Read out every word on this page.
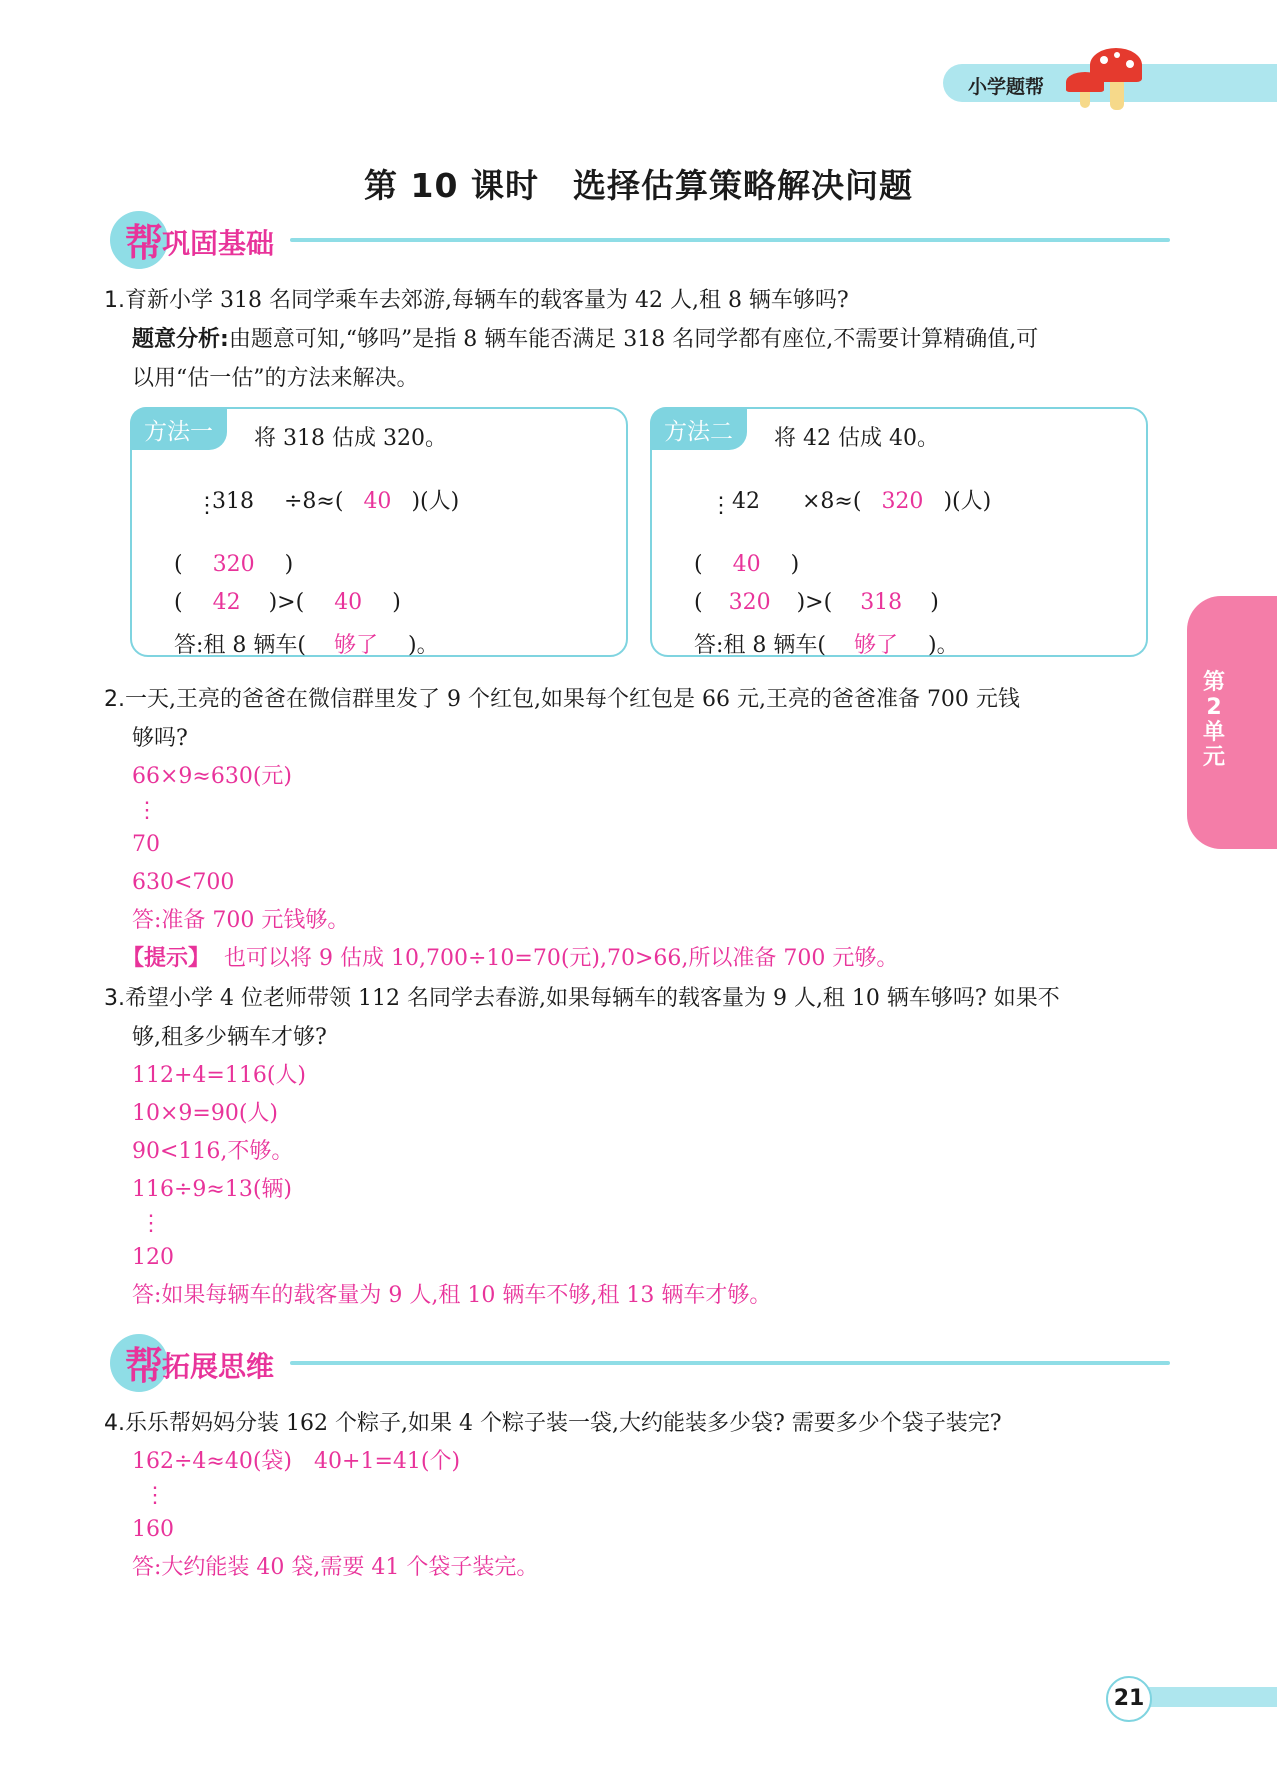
小学题帮
第 10 课时　选择估算策略解决问题
帮
巩固基础
1.育新小学 318 名同学乘车去郊游,每辆车的载客量为 42 人,租 8 辆车够吗?
题意分析:由题意可知,“够吗”是指 8 辆车能否满足 318 名同学都有座位,不需要计算精确值,可
以用“估一估”的方法来解决。
方法一	将 318 估成 320。

318 ÷8≈( 40 )(人)

⋮

( 320 )

( 42 )>( 40 )

答:租 8 辆车( 够了 )。

方法二	将 42 估成 40。

42 ×8≈( 320 )(人)

⋮

( 40 )

( 320 )>( 318 )

答:租 8 辆车( 够了 )。

2.一天,王亮的爸爸在微信群里发了 9 个红包,如果每个红包是 66 元,王亮的爸爸准备 700 元钱
够吗?
66×9≈630(元)
⋮
70
630<700
答:准备 700 元钱够。
【提示】 也可以将 9 估成 10,700÷10=70(元),70>66,所以准备 700 元够。
3.希望小学 4 位老师带领 112 名同学去春游,如果每辆车的载客量为 9 人,租 10 辆车够吗? 如果不
够,租多少辆车才够?
112+4=116(人)
10×9=90(人)
90<116,不够。
116÷9≈13(辆)
⋮
120
答:如果每辆车的载客量为 9 人,租 10 辆车不够,租 13 辆车才够。
帮
拓展思维
4.乐乐帮妈妈分装 162 个粽子,如果 4 个粽子装一袋,大约能装多少袋? 需要多少个袋子装完?
162÷4≈40(袋)　40+1=41(个)
⋮
160
答:大约能装 40 袋,需要 41 个袋子装完。
第2单元
21
